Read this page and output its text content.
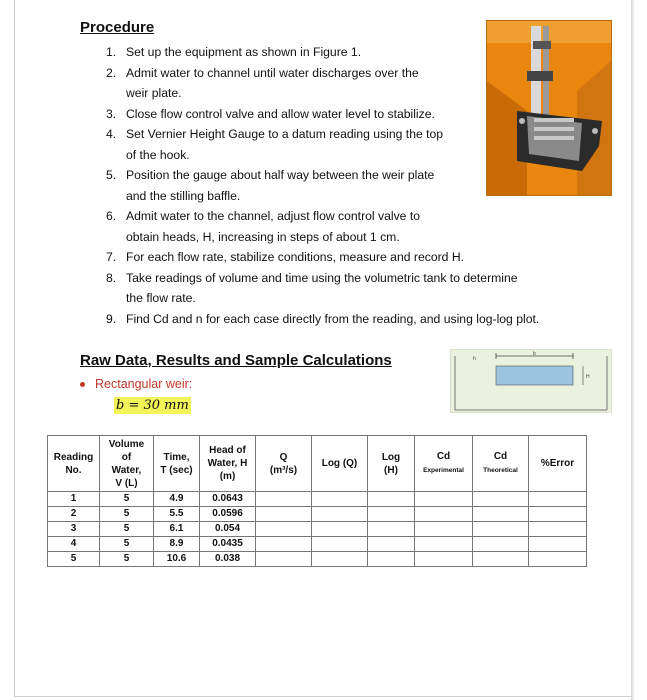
Procedure
1. Set up the equipment as shown in Figure 1.
2. Admit water to channel until water discharges over the
weir plate.
3. Close flow control valve and allow water level to stabilize.
4. Set Vernier Height Gauge to a datum reading using the top
of the hook.
5. Position the gauge about half way between the weir plate
and the stilling baffle.
6. Admit water to the channel, adjust flow control valve to
obtain heads, H, increasing in steps of about 1 cm.
7. For each flow rate, stabilize conditions, measure and record H.
8. Take readings of volume and time using the volumetric tank to determine
the flow rate.
9. Find Cd and n for each case directly from the reading, and using log-log plot.
Raw Data, Results and Sample Calculations
Rectangular weir:
b = 30 mm
h
b
H
Reading
No.	Volume
of
Water,
V (L)	Time,
T (sec)	Head of
Water, H
(m)	Q
(m³/s)	Log (Q)	Log
(H)	Cd
Experimental	Cd
Theoretical	%Error
1	5	4.9	0.0643						
2	5	5.5	0.0596						
3	5	6.1	0.054						
4	5	8.9	0.0435						
5	5	10.6	0.038						
